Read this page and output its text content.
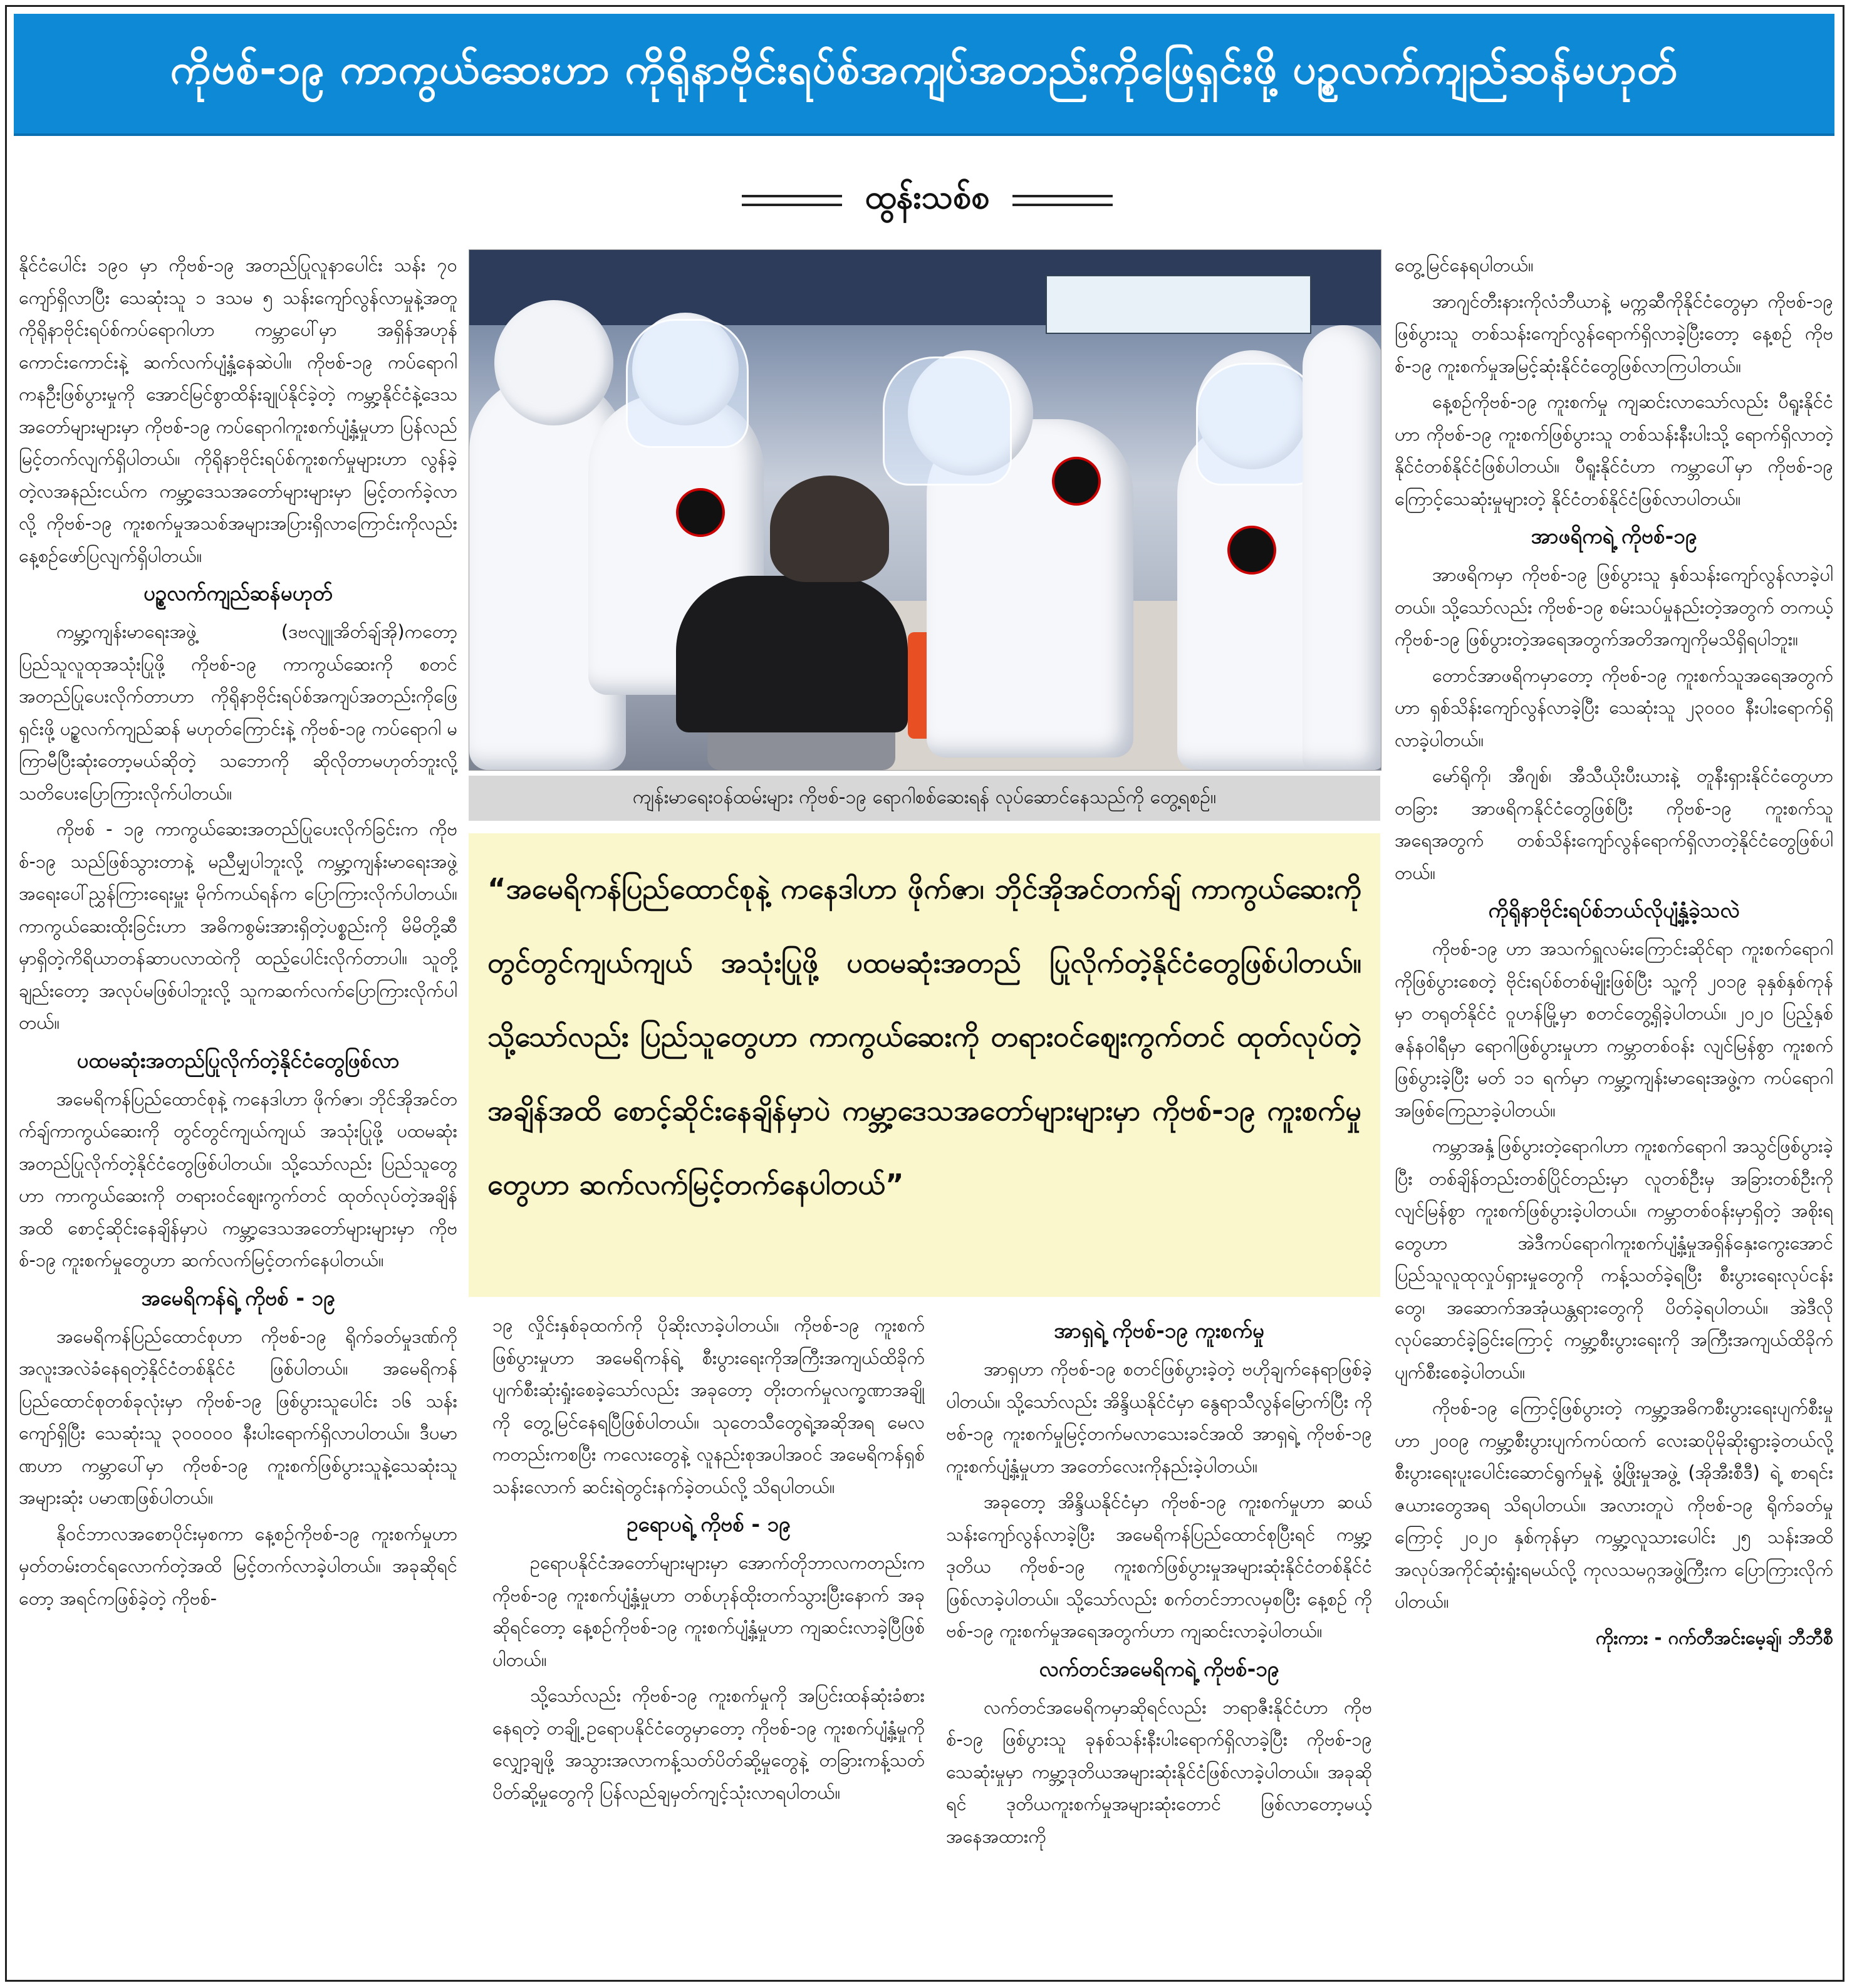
ကိုဗစ်-၁၉ ကာကွယ်ဆေးဟာ ကိုရိုနာဗိုင်းရပ်စ်အကျပ်အတည်းကိုဖြေရှင်းဖို့ ပဥ္စလက်ကျည်ဆန်မဟုတ်
ထွန်းသစ်စ

နိုင်ငံပေါင်း ၁၉၀ မှာ ကိုဗစ်-၁၉ အတည်ပြုလူနာပေါင်း သန်း ၇၀ ကျော်ရှိလာပြီး သေဆုံးသူ ၁ ဒသမ ၅ သန်းကျော်လွန်လာမှုနဲ့အတူ ကိုရိုနာဗိုင်းရပ်စ်ကပ်ရောဂါဟာ ကမ္ဘာပေါ်မှာ အရှိန်အဟုန်ကောင်းကောင်းနဲ့ ဆက်လက်ပျံ့နှံ့နေဆဲပါ။ ကိုဗစ်-၁၉ ကပ်ရောဂါ ကနဦးဖြစ်ပွားမှုကို အောင်မြင်စွာထိန်းချုပ်နိုင်ခဲ့တဲ့ ကမ္ဘာ့နိုင်ငံနဲ့ဒေသအတော်များများမှာ ကိုဗစ်-၁၉ ကပ်ရောဂါကူးစက်ပျံ့နှံ့မှုဟာ ပြန်လည်မြင့်တက်လျက်ရှိပါတယ်။ ကိုရိုနာဗိုင်းရပ်စ်ကူးစက်မှုများဟာ လွန်ခဲ့တဲ့လအနည်းငယ်က ကမ္ဘာ့ဒေသအတော်များများမှာ မြင့်တက်ခဲ့လာလို့ ကိုဗစ်-၁၉ ကူးစက်မှုအသစ်အများအပြားရှိလာကြောင်းကိုလည်း နေ့စဉ်ဖော်ပြလျက်ရှိပါတယ်။

ပဥ္စလက်ကျည်ဆန်မဟုတ်

ကမ္ဘာ့ကျန်းမာရေးအဖွဲ့ (ဒဗလျူအိတ်ချ်အို)ကတော့ ပြည်သူလူထုအသုံးပြုဖို့ ကိုဗစ်-၁၉ ကာကွယ်ဆေးကို စတင်အတည်ပြုပေးလိုက်တာဟာ ကိုရိုနာဗိုင်းရပ်စ်အကျပ်အတည်းကိုဖြေရှင်းဖို့ ပဥ္စလက်ကျည်ဆန် မဟုတ်ကြောင်းနဲ့ ကိုဗစ်-၁၉ ကပ်ရောဂါ မကြာမီပြီးဆုံးတော့မယ်ဆိုတဲ့ သဘောကို ဆိုလိုတာမဟုတ်ဘူးလို့ သတိပေးပြောကြားလိုက်ပါတယ်။

ကိုဗစ် - ၁၉ ကာကွယ်ဆေးအတည်ပြုပေးလိုက်ခြင်းက ကိုဗစ်-၁၉ သည်ဖြစ်သွားတာနဲ့ မညီမျှပါဘူးလို့ ကမ္ဘာ့ကျန်းမာရေးအဖွဲ့အရေးပေါ်ညွှန်ကြားရေးမှူး မိုက်ကယ်ရန်က ပြောကြားလိုက်ပါတယ်။ ကာကွယ်ဆေးထိုးခြင်းဟာ အဓိကစွမ်းအားရှိတဲ့ပစ္စည်းကို မိမိတို့ဆီမှာရှိတဲ့ကိရိယာတန်ဆာပလာထဲကို ထည့်ပေါင်းလိုက်တာပါ။ သူတို့ချည်းတော့ အလုပ်မဖြစ်ပါဘူးလို့ သူကဆက်လက်ပြောကြားလိုက်ပါတယ်။

ပထမဆုံးအတည်ပြုလိုက်တဲ့နိုင်ငံတွေဖြစ်လာ

အမေရိကန်ပြည်ထောင်စုနဲ့ ကနေဒါဟာ ဖိုက်ဇာ၊ ဘိုင်အိုအင်တက်ချ်ကာကွယ်ဆေးကို တွင်တွင်ကျယ်ကျယ် အသုံးပြုဖို့ ပထမဆုံးအတည်ပြုလိုက်တဲ့နိုင်ငံတွေဖြစ်ပါတယ်။ သို့သော်လည်း ပြည်သူတွေဟာ ကာကွယ်ဆေးကို တရားဝင်ဈေးကွက်တင် ထုတ်လုပ်တဲ့အချိန်အထိ စောင့်ဆိုင်းနေချိန်မှာပဲ ကမ္ဘာ့ဒေသအတော်များများမှာ ကိုဗစ်-၁၉ ကူးစက်မှုတွေဟာ ဆက်လက်မြင့်တက်နေပါတယ်။

အမေရိကန်ရဲ့ ကိုဗစ် - ၁၉

အမေရိကန်ပြည်ထောင်စုဟာ ကိုဗစ်-၁၉ ရိုက်ခတ်မှုဒဏ်ကို အလူးအလဲခံနေရတဲ့နိုင်ငံတစ်နိုင်ငံ ဖြစ်ပါတယ်။ အမေရိကန်ပြည်ထောင်စုတစ်ခုလုံးမှာ ကိုဗစ်-၁၉ ဖြစ်ပွားသူပေါင်း ၁၆ သန်းကျော်ရှိပြီး သေဆုံးသူ ၃၀၀၀၀၀ နီးပါးရောက်ရှိလာပါတယ်။ ဒီပမာဏဟာ ကမ္ဘာပေါ်မှာ ကိုဗစ်-၁၉ ကူးစက်ဖြစ်ပွားသူနဲ့သေဆုံးသူအများဆုံး ပမာဏဖြစ်ပါတယ်။

နိုဝင်ဘာလအစောပိုင်းမှစကာ နေ့စဉ်ကိုဗစ်-၁၉ ကူးစက်မှုဟာ မှတ်တမ်းတင်ရလောက်တဲ့အထိ မြင့်တက်လာခဲ့ပါတယ်။ အခုဆိုရင်တော့ အရင်ကဖြစ်ခဲ့တဲ့ ကိုဗစ်-

ကျန်းမာရေးဝန်ထမ်းများ ကိုဗစ်-၁၉ ရောဂါစစ်ဆေးရန် လုပ်ဆောင်နေသည်ကို တွေ့ရစဉ်။
“အမေရိကန်ပြည်ထောင်စုနဲ့ ကနေဒါဟာ ဖိုက်ဇာ၊ ဘိုင်အိုအင်တက်ချ် ကာကွယ်ဆေးကို တွင်တွင်ကျယ်ကျယ် အသုံးပြုဖို့ ပထမဆုံးအတည် ပြုလိုက်တဲ့နိုင်ငံတွေဖြစ်ပါတယ်။ သို့သော်လည်း ပြည်သူတွေဟာ ကာကွယ်ဆေးကို တရားဝင်ဈေးကွက်တင် ထုတ်လုပ်တဲ့အချိန်အထိ စောင့်ဆိုင်းနေချိန်မှာပဲ ကမ္ဘာ့ဒေသအတော်များများမှာ ကိုဗစ်-၁၉ ကူးစက်မှုတွေဟာ ဆက်လက်မြင့်တက်နေပါတယ်”

၁၉ လှိုင်းနှစ်ခုထက်ကို ပိုဆိုးလာခဲ့ပါတယ်။ ကိုဗစ်-၁၉ ကူးစက်ဖြစ်ပွားမှုဟာ အမေရိကန်ရဲ့ စီးပွားရေးကိုအကြီးအကျယ်ထိခိုက်ပျက်စီးဆုံးရှုံးစေခဲ့သော်လည်း အခုတော့ တိုးတက်မှုလက္ခဏာအချို့ကို တွေ့မြင်နေရပြီဖြစ်ပါတယ်။ သုတေသီတွေရဲ့အဆိုအရ မေလကတည်းကစပြီး ကလေးတွေနဲ့ လူနည်းစုအပါအဝင် အမေရိကန်ရှစ်သန်းလောက် ဆင်းရဲတွင်းနက်ခဲ့တယ်လို့ သိရပါတယ်။

ဥရောပရဲ့ ကိုဗစ် - ၁၉

ဥရောပနိုင်ငံအတော်များများမှာ အောက်တိုဘာလကတည်းက ကိုဗစ်-၁၉ ကူးစက်ပျံ့နှံ့မှုဟာ တစ်ဟုန်ထိုးတက်သွားပြီးနောက် အခုဆိုရင်တော့ နေ့စဉ်ကိုဗစ်-၁၉ ကူးစက်ပျံ့နှံ့မှုဟာ ကျဆင်းလာခဲ့ပြီဖြစ်ပါတယ်။

သို့သော်လည်း ကိုဗစ်-၁၉ ကူးစက်မှုကို အပြင်းထန်ဆုံးခံစားနေရတဲ့ တချို့ ဥရောပနိုင်ငံတွေမှာတော့ ကိုဗစ်-၁၉ ကူးစက်ပျံ့နှံ့မှုကို လျှော့ချဖို့ အသွားအလာကန့်သတ်ပိတ်ဆို့မှုတွေနဲ့ တခြားကန့်သတ်ပိတ်ဆို့မှုတွေကို ပြန်လည်ချမှတ်ကျင့်သုံးလာရပါတယ်။

အာရှရဲ့ ကိုဗစ်-၁၉ ကူးစက်မှု

အာရှဟာ ကိုဗစ်-၁၉ စတင်ဖြစ်ပွားခဲ့တဲ့ ဗဟိုချက်နေရာဖြစ်ခဲ့ပါတယ်။ သို့သော်လည်း အိန္ဒိယနိုင်ငံမှာ နွေရာသီလွန်မြောက်ပြီး ကိုဗစ်-၁၉ ကူးစက်မှုမြင့်တက်မလာသေးခင်အထိ အာရှရဲ့ ကိုဗစ်-၁၉ ကူးစက်ပျံ့နှံ့မှုဟာ အတော်လေးကိုနည်းခဲ့ပါတယ်။

အခုတော့ အိန္ဒိယနိုင်ငံမှာ ကိုဗစ်-၁၉ ကူးစက်မှုဟာ ဆယ်သန်းကျော်လွန်လာခဲ့ပြီး အမေရိကန်ပြည်ထောင်စုပြီးရင် ကမ္ဘာ့ဒုတိယ ကိုဗစ်-၁၉ ကူးစက်ဖြစ်ပွားမှုအများဆုံးနိုင်ငံတစ်နိုင်ငံ ဖြစ်လာခဲ့ပါတယ်။ သို့သော်လည်း စက်တင်ဘာလမှစပြီး နေ့စဉ် ကိုဗစ်-၁၉ ကူးစက်မှုအရေအတွက်ဟာ ကျဆင်းလာခဲ့ပါတယ်။

လက်တင်အမေရိကရဲ့ ကိုဗစ်-၁၉

လက်တင်အမေရိကမှာဆိုရင်လည်း ဘရာဇီးနိုင်ငံဟာ ကိုဗစ်-၁၉ ဖြစ်ပွားသူ ခုနစ်သန်းနီးပါးရောက်ရှိလာခဲ့ပြီး ကိုဗစ်-၁၉ သေဆုံးမှုမှာ ကမ္ဘာ့ဒုတိယအများဆုံးနိုင်ငံဖြစ်လာခဲ့ပါတယ်။ အခုဆိုရင် ဒုတိယကူးစက်မှုအများဆုံးတောင် ဖြစ်လာတော့မယ့် အနေအထားကို

တွေ့မြင်နေရပါတယ်။

အာဂျင်တီးနားကိုလံဘီယာနဲ့ မက္ကဆီကိုနိုင်ငံတွေမှာ ကိုဗစ်-၁၉ ဖြစ်ပွားသူ တစ်သန်းကျော်လွန်ရောက်ရှိလာခဲ့ပြီးတော့ နေ့စဉ် ကိုဗစ်-၁၉ ကူးစက်မှုအမြင့်ဆုံးနိုင်ငံတွေဖြစ်လာကြပါတယ်။

နေ့စဉ်ကိုဗစ်-၁၉ ကူးစက်မှု ကျဆင်းလာသော်လည်း ပီရူးနိုင်ငံဟာ ကိုဗစ်-၁၉ ကူးစက်ဖြစ်ပွားသူ တစ်သန်းနီးပါးသို့ ရောက်ရှိလာတဲ့ နိုင်ငံတစ်နိုင်ငံဖြစ်ပါတယ်။ ပီရူးနိုင်ငံဟာ ကမ္ဘာပေါ်မှာ ကိုဗစ်-၁၉ ကြောင့်သေဆုံးမှုများတဲ့ နိုင်ငံတစ်နိုင်ငံဖြစ်လာပါတယ်။

အာဖရိကရဲ့ ကိုဗစ်-၁၉

အာဖရိကမှာ ကိုဗစ်-၁၉ ဖြစ်ပွားသူ နှစ်သန်းကျော်လွန်လာခဲ့ပါတယ်။ သို့သော်လည်း ကိုဗစ်-၁၉ စမ်းသပ်မှုနည်းတဲ့အတွက် တကယ့် ကိုဗစ်-၁၉ ဖြစ်ပွားတဲ့အရေအတွက်အတိအကျကိုမသိရှိရပါဘူး။

တောင်အာဖရိကမှာတော့ ကိုဗစ်-၁၉ ကူးစက်သူအရေအတွက်ဟာ ရှစ်သိန်းကျော်လွန်လာခဲ့ပြီး သေဆုံးသူ ၂၃၀၀၀ နီးပါးရောက်ရှိလာခဲ့ပါတယ်။

မော်ရိုကို၊ အီဂျစ်၊ အီသီယိုးပီးယားနဲ့ တူနီးရှားနိုင်ငံတွေဟာ တခြား အာဖရိကနိုင်ငံတွေဖြစ်ပြီး ကိုဗစ်-၁၉ ကူးစက်သူအရေအတွက် တစ်သိန်းကျော်လွန်ရောက်ရှိလာတဲ့နိုင်ငံတွေဖြစ်ပါတယ်။

ကိုရိုနာဗိုင်းရပ်စ်ဘယ်လိုပျံ့နှံ့ခဲ့သလဲ

ကိုဗစ်-၁၉ ဟာ အသက်ရှူလမ်းကြောင်းဆိုင်ရာ ကူးစက်ရောဂါကိုဖြစ်ပွားစေတဲ့ ဗိုင်းရပ်စ်တစ်မျိုးဖြစ်ပြီး သူ့ကို ၂၀၁၉ ခုနှစ်နှစ်ကုန်မှာ တရုတ်နိုင်ငံ ဝူဟန်မြို့မှာ စတင်တွေ့ရှိခဲ့ပါတယ်။ ၂၀၂၀ ပြည့်နှစ် ဇန်နဝါရီမှာ ရောဂါဖြစ်ပွားမှုဟာ ကမ္ဘာတစ်ဝန်း လျင်မြန်စွာ ကူးစက်ဖြစ်ပွားခဲ့ပြီး မတ် ၁၁ ရက်မှာ ကမ္ဘာ့ကျန်းမာရေးအဖွဲ့က ကပ်ရောဂါအဖြစ်ကြေညာခဲ့ပါတယ်။

ကမ္ဘာအနှံ့ဖြစ်ပွားတဲ့ရောဂါဟာ ကူးစက်ရောဂါ အသွင်ဖြစ်ပွားခဲ့ပြီး တစ်ချိန်တည်းတစ်ပြိုင်တည်းမှာ လူတစ်ဦးမှ အခြားတစ်ဦးကို လျင်မြန်စွာ ကူးစက်ဖြစ်ပွားခဲ့ပါတယ်။ ကမ္ဘာတစ်ဝန်းမှာရှိတဲ့ အစိုးရတွေဟာ အဲဒီကပ်ရောဂါကူးစက်ပျံ့နှံ့မှုအရှိန်နှေးကွေးအောင် ပြည်သူလူထုလှုပ်ရှားမှုတွေကို ကန့်သတ်ခဲ့ရပြီး စီးပွားရေးလုပ်ငန်းတွေ၊ အဆောက်အအုံယန္တရားတွေကို ပိတ်ခဲ့ရပါတယ်။ အဲဒီလိုလုပ်ဆောင်ခဲ့ခြင်းကြောင့် ကမ္ဘာ့စီးပွားရေးကို အကြီးအကျယ်ထိခိုက်ပျက်စီးစေခဲ့ပါတယ်။

ကိုဗစ်-၁၉ ကြောင့်ဖြစ်ပွားတဲ့ ကမ္ဘာ့အဓိကစီးပွားရေးပျက်စီးမှုဟာ ၂၀၀၉ ကမ္ဘာ့စီးပွားပျက်ကပ်ထက် လေးဆပိုမိုဆိုးရွားခဲ့တယ်လို့ စီးပွားရေးပူးပေါင်းဆောင်ရွက်မှုနဲ့ ဖွံ့ဖြိုးမှုအဖွဲ့ (အိုအီးစီဒီ) ရဲ့ စာရင်းဇယားတွေအရ သိရပါတယ်။ အလားတူပဲ ကိုဗစ်-၁၉ ရိုက်ခတ်မှုကြောင့် ၂၀၂၀ နှစ်ကုန်မှာ ကမ္ဘာ့လူသားပေါင်း ၂၅ သန်းအထိ အလုပ်အကိုင်ဆုံးရှုံးရမယ်လို့ ကုလသမဂ္ဂအဖွဲ့ကြီးက ပြောကြားလိုက်ပါတယ်။

ကိုးကား - ဂက်တီအင်းမေ့ချ်၊ ဘီဘီစီ
